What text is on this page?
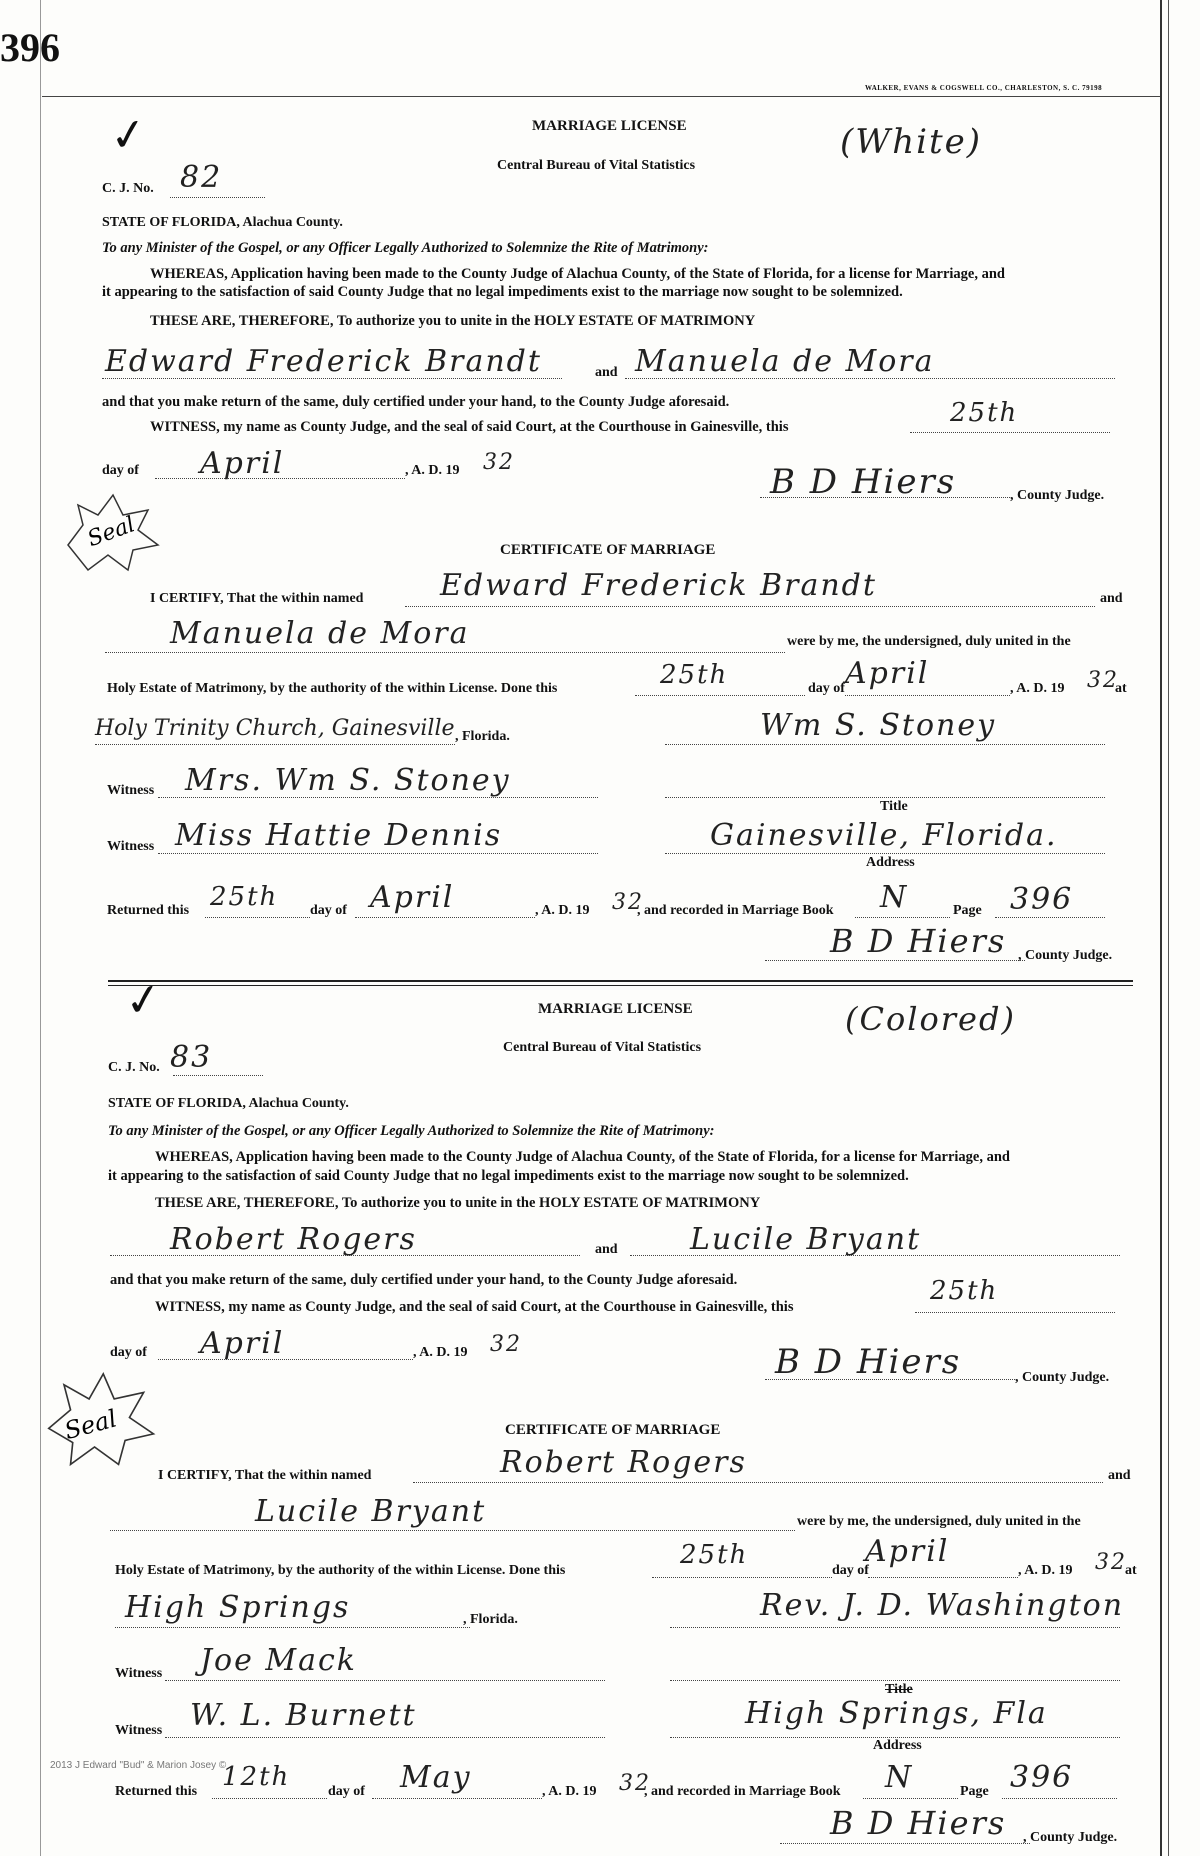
396
WALKER, EVANS & COGSWELL CO., CHARLESTON, S. C. 79198
✓	MARRIAGE LICENSE	(White)
Central Bureau of Vital Statistics
C. J. No. 82
STATE OF FLORIDA, Alachua County.
To any Minister of the Gospel, or any Officer Legally Authorized to Solemnize the Rite of Matrimony:
WHEREAS, Application having been made to the County Judge of Alachua County, of the State of Florida, for a license for Marriage, and
it appearing to the satisfaction of said County Judge that no legal impediments exist to the marriage now sought to be solemnized.
THESE ARE, THEREFORE, To authorize you to unite in the HOLY ESTATE OF MATRIMONY
Edward Frederick Brandt	and Manuela de Mora
and that you make return of the same, duly certified under your hand, to the County Judge aforesaid.
WITNESS, my name as County Judge, and the seal of said Court, at the Courthouse in Gainesville, this	25th
day of April	, A. D. 19 32	B D Hiers	, County Judge.
Seal	CERTIFICATE OF MARRIAGE
I CERTIFY, That the within named	Edward Frederick Brandt	and
Manuela de Mora	were by me, the undersigned, duly united in the
Holy Estate of Matrimony, by the authority of the within License. Done this	25th	day of April	, A. D. 19 32
at
Holy Trinity Church, Gainesville , Florida.	Wm S. Stoney
Witness Mrs. Wm S. Stoney
Title
Witness Miss Hattie Dennis	Gainesville, Florida.
Address
Returned this 25th day of April	, A. D. 19 32
, and recorded in Marriage Book N	Page 396
B D Hiers , County Judge.
✓	MARRIAGE LICENSE	(Colored)
Central Bureau of Vital Statistics
C. J. No. 83
STATE OF FLORIDA, Alachua County.
To any Minister of the Gospel, or any Officer Legally Authorized to Solemnize the Rite of Matrimony:
WHEREAS, Application having been made to the County Judge of Alachua County, of the State of Florida, for a license for Marriage, and
it appearing to the satisfaction of said County Judge that no legal impediments exist to the marriage now sought to be solemnized.
THESE ARE, THEREFORE, To authorize you to unite in the HOLY ESTATE OF MATRIMONY
Robert Rogers	and Lucile Bryant
and that you make return of the same, duly certified under your hand, to the County Judge aforesaid.
WITNESS, my name as County Judge, and the seal of said Court, at the Courthouse in Gainesville, this
25th
day of April	, A. D. 19 32	B D Hiers	, County Judge.
Seal	CERTIFICATE OF MARRIAGE
I CERTIFY, That the within named	Robert Rogers	and
Lucile Bryant	were by me, the undersigned, duly united in the
Holy Estate of Matrimony, by the authority of the within License. Done this
25th
day of
April
, A. D. 19 32
at
High Springs	, Florida.	Rev. J. D. Washington
Witness Joe Mack
Title
Witness W. L. Burnett	High Springs, Fla
Address
2013 J Edward "Bud" & Marion Josey ©
Returned this 12th	day of May	, A. D. 19 32
, and recorded in Marriage Book N	Page 396
B D Hiers , County Judge.
